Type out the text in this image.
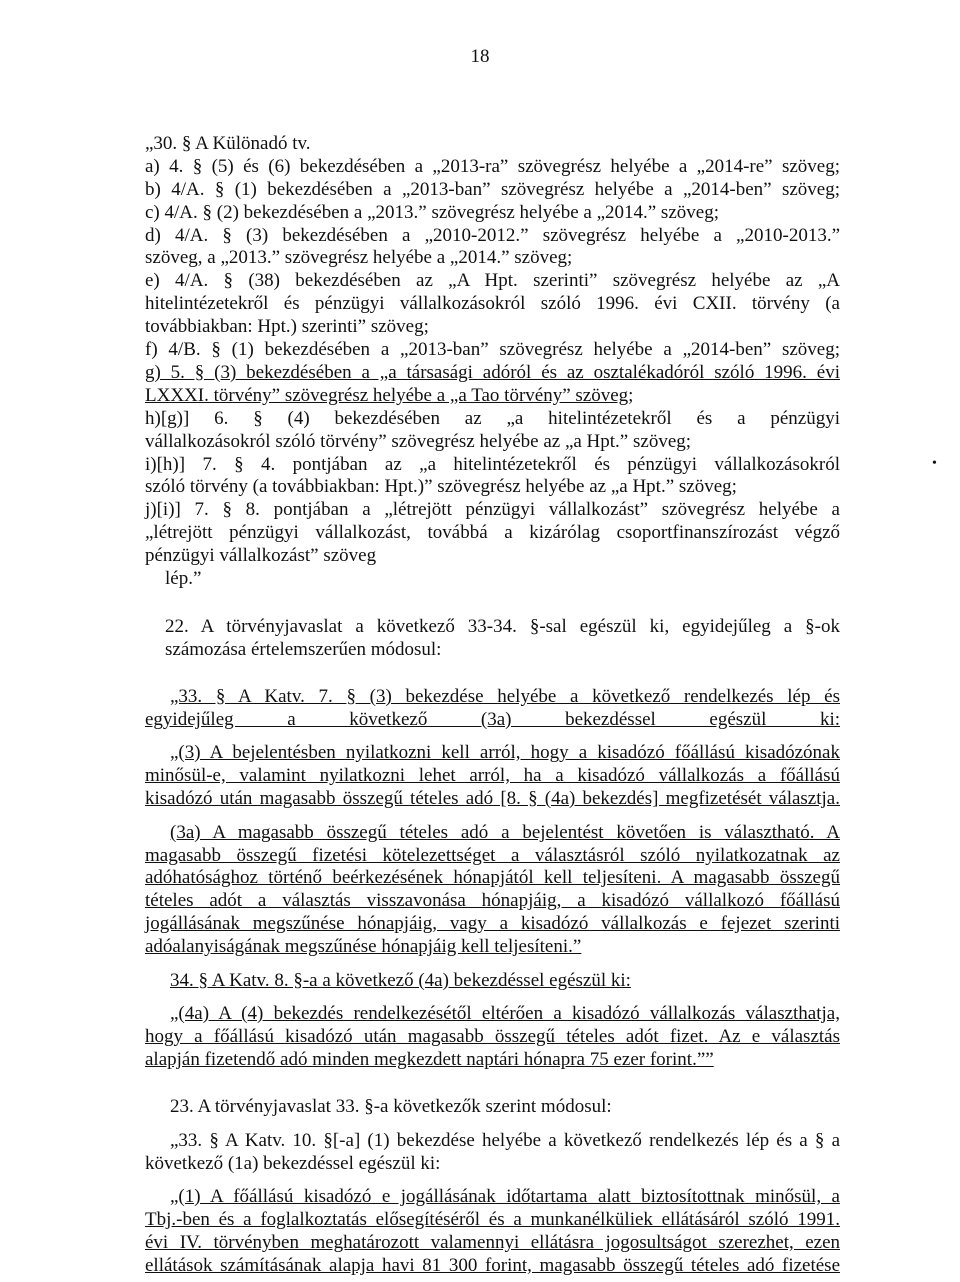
18
„30. § A Különadó tv.
a) 4. § (5) és (6) bekezdésében a „2013-ra” szövegrész helyébe a „2014-re” szöveg;
b) 4/A. § (1) bekezdésében a „2013-ban” szövegrész helyébe a „2014-ben” szöveg;
c) 4/A. § (2) bekezdésében a „2013.” szövegrész helyébe a „2014.” szöveg;
d) 4/A. § (3) bekezdésében a „2010-2012.” szövegrész helyébe a „2010-2013.”
szöveg, a „2013.” szövegrész helyébe a „2014.” szöveg;
e) 4/A. § (38) bekezdésében az „A Hpt. szerinti” szövegrész helyébe az „A
hitelintézetekről és pénzügyi vállalkozásokról szóló 1996. évi CXII. törvény (a
továbbiakban: Hpt.) szerinti” szöveg;
f) 4/B. § (1) bekezdésében a „2013-ban” szövegrész helyébe a „2014-ben” szöveg;
g) 5. § (3) bekezdésében a „a társasági adóról és az osztalékadóról szóló 1996. évi
LXXXI. törvény” szövegrész helyébe a „a Tao törvény” szöveg;
h)[g)] 6. § (4) bekezdésében az „a hitelintézetekről és a pénzügyi
vállalkozásokról szóló törvény” szövegrész helyébe az „a Hpt.” szöveg;
i)[h)] 7. § 4. pontjában az „a hitelintézetekről és pénzügyi vállalkozásokról
szóló törvény (a továbbiakban: Hpt.)” szövegrész helyébe az „a Hpt.” szöveg;
j)[i)] 7. § 8. pontjában a „létrejött pénzügyi vállalkozást” szövegrész helyébe a
„létrejött pénzügyi vállalkozást, továbbá a kizárólag csoportfinanszírozást végző
pénzügyi vállalkozást” szöveg
lép.”
22. A törvényjavaslat a következő 33-34. §-sal egészül ki, egyidejűleg a §-ok
számozása értelemszerűen módosul:
„33. § A Katv. 7. § (3) bekezdése helyébe a következő rendelkezés lép és
egyidejűleg a következő (3a) bekezdéssel egészül ki:
„(3) A bejelentésben nyilatkozni kell arról, hogy a kisadózó főállású kisadózónak
minősül-e, valamint nyilatkozni lehet arról, ha a kisadózó vállalkozás a főállású
kisadózó után magasabb összegű tételes adó [8. § (4a) bekezdés] megfizetését választja.
(3a) A magasabb összegű tételes adó a bejelentést követően is választható. A
magasabb összegű fizetési kötelezettséget a választásról szóló nyilatkozatnak az
adóhatósághoz történő beérkezésének hónapjától kell teljesíteni. A magasabb összegű
tételes adót a választás visszavonása hónapjáig, a kisadózó vállalkozó főállású
jogállásának megszűnése hónapjáig, vagy a kisadózó vállalkozás e fejezet szerinti
adóalanyiságának megszűnése hónapjáig kell teljesíteni.”
34. § A Katv. 8. §-a a következő (4a) bekezdéssel egészül ki:
„(4a) A (4) bekezdés rendelkezésétől eltérően a kisadózó vállalkozás választhatja,
hogy a főállású kisadózó után magasabb összegű tételes adót fizet. Az e választás
alapján fizetendő adó minden megkezdett naptári hónapra 75 ezer forint.””
23. A törvényjavaslat 33. §-a következők szerint módosul:
„33. § A Katv. 10. §[-a] (1) bekezdése helyébe a következő rendelkezés lép és a § a
következő (1a) bekezdéssel egészül ki:
„(1) A főállású kisadózó e jogállásának időtartama alatt biztosítottnak minősül, a
Tbj.-ben és a foglalkoztatás elősegítéséről és a munkanélküliek ellátásáról szóló 1991.
évi IV. törvényben meghatározott valamennyi ellátásra jogosultságot szerezhet, ezen
ellátások számításának alapja havi 81 300 forint, magasabb összegű tételes adó fizetése
•
